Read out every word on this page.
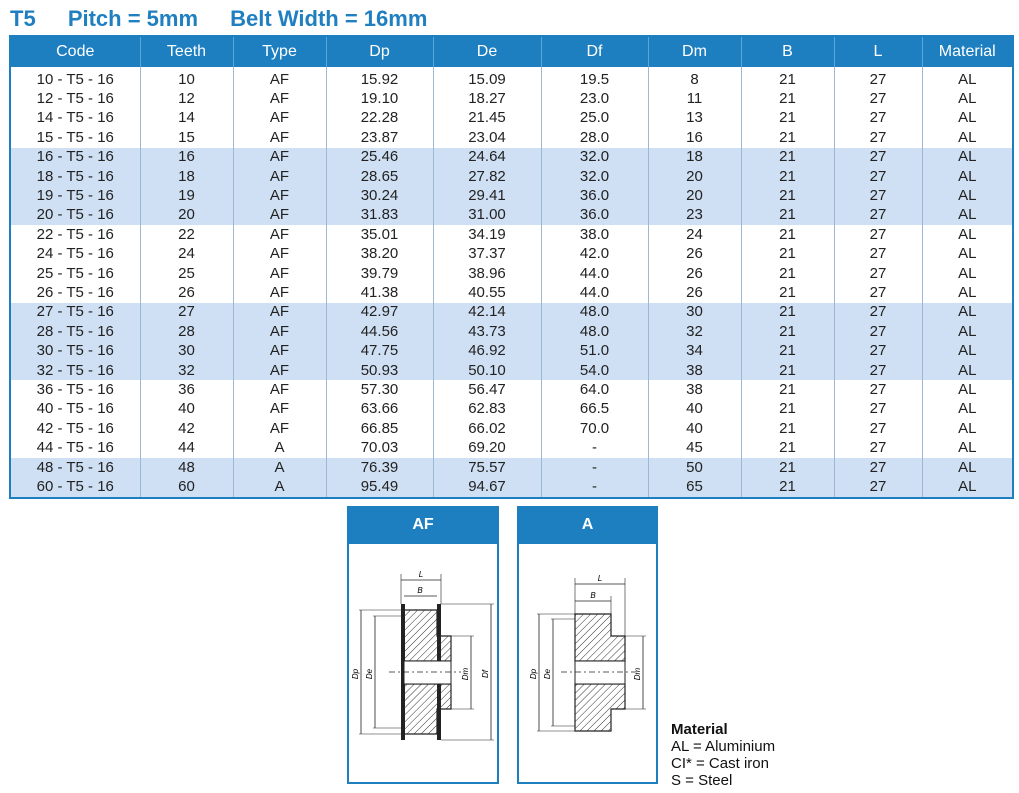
T5 Pitch = 5mm Belt Width = 16mm
Code	Teeth	Type	Dp	De	Df	Dm	B	L	Material
10 - T5 - 16	10	AF	15.92	15.09	19.5	8	21	27	AL
12 - T5 - 16	12	AF	19.10	18.27	23.0	11	21	27	AL
14 - T5 - 16	14	AF	22.28	21.45	25.0	13	21	27	AL
15 - T5 - 16	15	AF	23.87	23.04	28.0	16	21	27	AL
16 - T5 - 16	16	AF	25.46	24.64	32.0	18	21	27	AL
18 - T5 - 16	18	AF	28.65	27.82	32.0	20	21	27	AL
19 - T5 - 16	19	AF	30.24	29.41	36.0	20	21	27	AL
20 - T5 - 16	20	AF	31.83	31.00	36.0	23	21	27	AL
22 - T5 - 16	22	AF	35.01	34.19	38.0	24	21	27	AL
24 - T5 - 16	24	AF	38.20	37.37	42.0	26	21	27	AL
25 - T5 - 16	25	AF	39.79	38.96	44.0	26	21	27	AL
26 - T5 - 16	26	AF	41.38	40.55	44.0	26	21	27	AL
27 - T5 - 16	27	AF	42.97	42.14	48.0	30	21	27	AL
28 - T5 - 16	28	AF	44.56	43.73	48.0	32	21	27	AL
30 - T5 - 16	30	AF	47.75	46.92	51.0	34	21	27	AL
32 - T5 - 16	32	AF	50.93	50.10	54.0	38	21	27	AL
36 - T5 - 16	36	AF	57.30	56.47	64.0	38	21	27	AL
40 - T5 - 16	40	AF	63.66	62.83	66.5	40	21	27	AL
42 - T5 - 16	42	AF	66.85	66.02	70.0	40	21	27	AL
44 - T5 - 16	44	A	70.03	69.20	-	45	21	27	AL
48 - T5 - 16	48	A	76.39	75.57	-	50	21	27	AL
60 - T5 - 16	60	A	95.49	94.67	-	65	21	27	AL
AF
L
B
Dp De	Dm Df
A
L
B
Dp De	Dm
Material
AL = Aluminium
CI* = Cast iron
S = Steel
